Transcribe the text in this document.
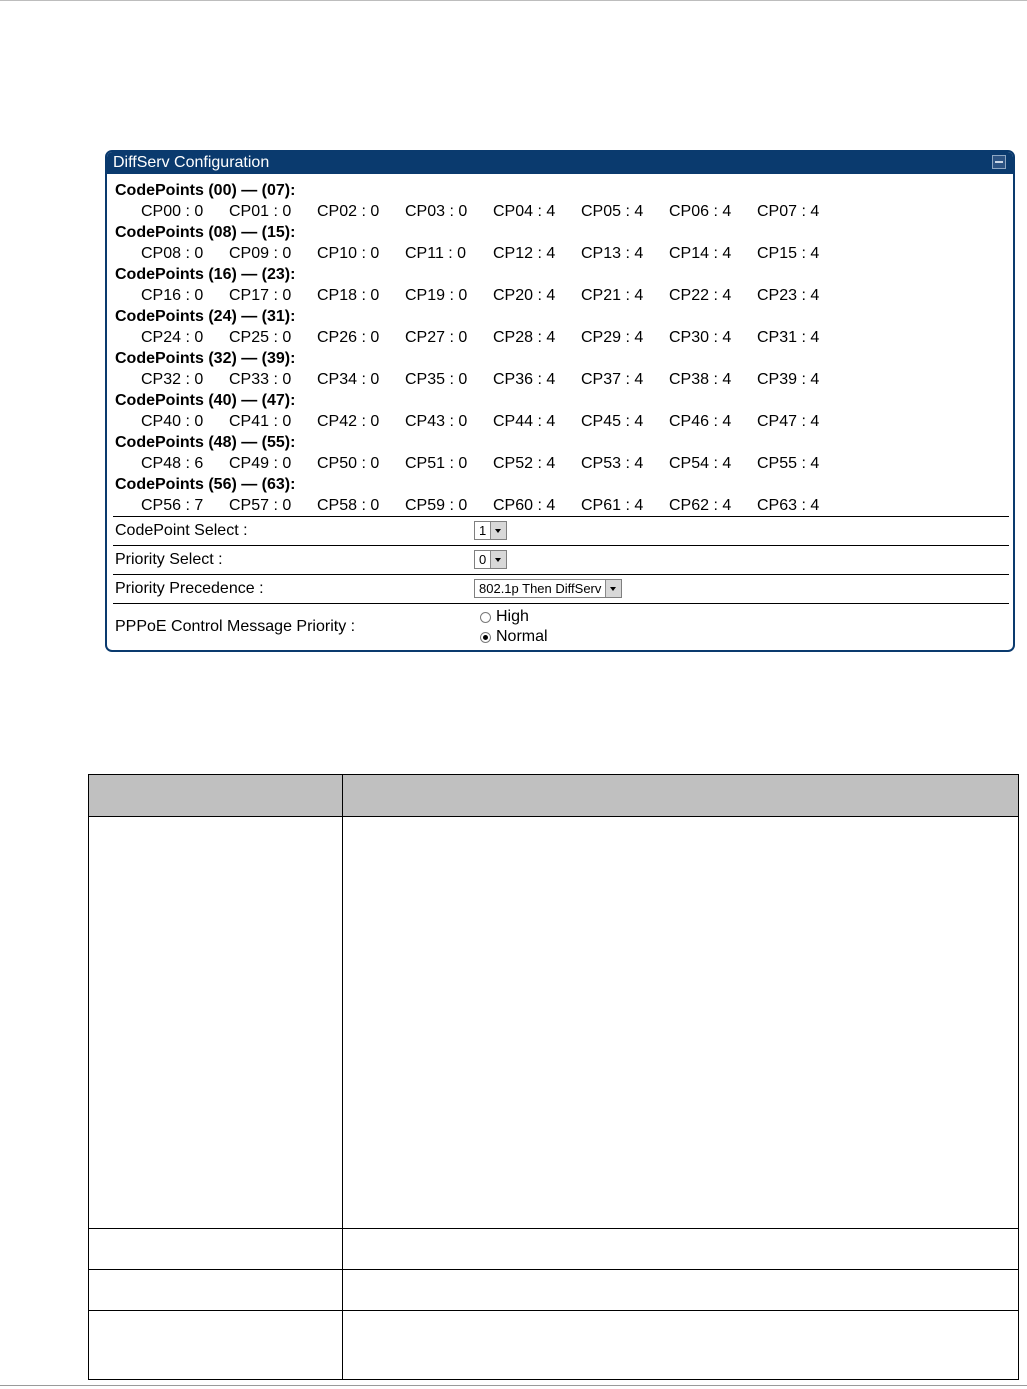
DiffServ Configuration
CodePoints (00) — (07):
CP00 : 0 CP01 : 0 CP02 : 0 CP03 : 0 CP04 : 4 CP05 : 4 CP06 : 4 CP07 : 4
CodePoints (08) — (15):
CP08 : 0 CP09 : 0 CP10 : 0 CP11 : 0 CP12 : 4 CP13 : 4 CP14 : 4 CP15 : 4
CodePoints (16) — (23):
CP16 : 0 CP17 : 0 CP18 : 0 CP19 : 0 CP20 : 4 CP21 : 4 CP22 : 4 CP23 : 4
CodePoints (24) — (31):
CP24 : 0 CP25 : 0 CP26 : 0 CP27 : 0 CP28 : 4 CP29 : 4 CP30 : 4 CP31 : 4
CodePoints (32) — (39):
CP32 : 0 CP33 : 0 CP34 : 0 CP35 : 0 CP36 : 4 CP37 : 4 CP38 : 4 CP39 : 4
CodePoints (40) — (47):
CP40 : 0 CP41 : 0 CP42 : 0 CP43 : 0 CP44 : 4 CP45 : 4 CP46 : 4 CP47 : 4
CodePoints (48) — (55):
CP48 : 6 CP49 : 0 CP50 : 0 CP51 : 0 CP52 : 4 CP53 : 4 CP54 : 4 CP55 : 4
CodePoints (56) — (63):
CP56 : 7 CP57 : 0 CP58 : 0 CP59 : 0 CP60 : 4 CP61 : 4 CP62 : 4 CP63 : 4
CodePoint Select :	1
Priority Select :	0
Priority Precedence :	802.1p Then DiffServ
PPPoE Control Message Priority :
High
Normal
